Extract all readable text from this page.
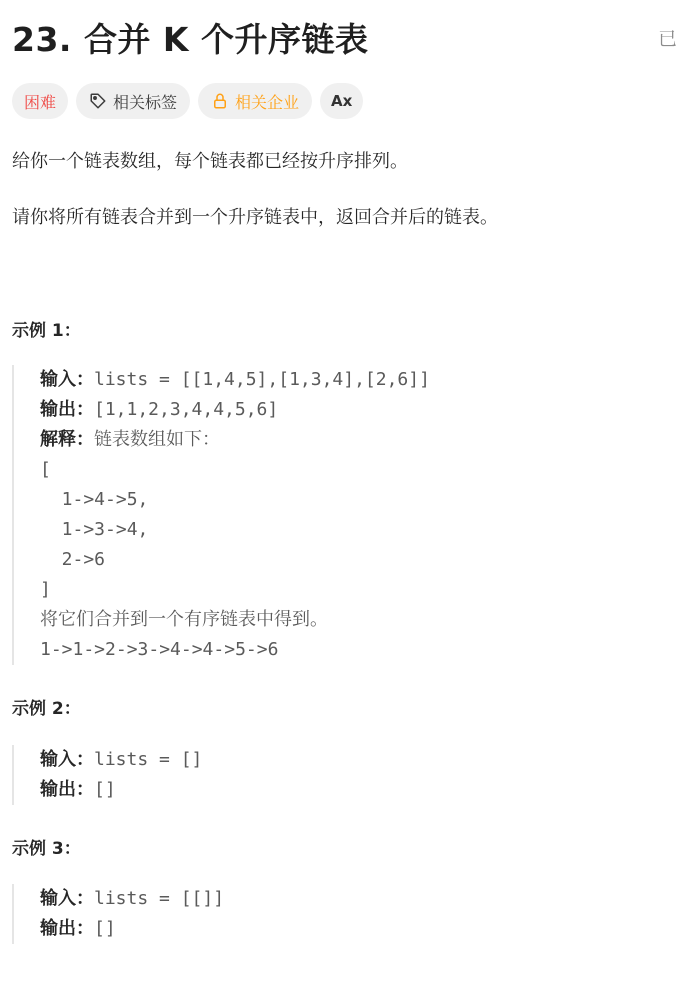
23. 合并 K 个升序链表	已
困难	相关标签	相关企业 Ax

给你一个链表数组，每个链表都已经按升序排列。

请你将所有链表合并到一个升序链表中，返回合并后的链表。

示例 1：

输入：lists = [[1,4,5],[1,3,4],[2,6]]
输出：[1,1,2,3,4,4,5,6]
解释：链表数组如下：
[
1->4->5,
1->3->4,
2->6
]
将它们合并到一个有序链表中得到。
1->1->2->3->4->4->5->6

示例 2：

输入：lists = []
输出：[]

示例 3：

输入：lists = [[]]
输出：[]
